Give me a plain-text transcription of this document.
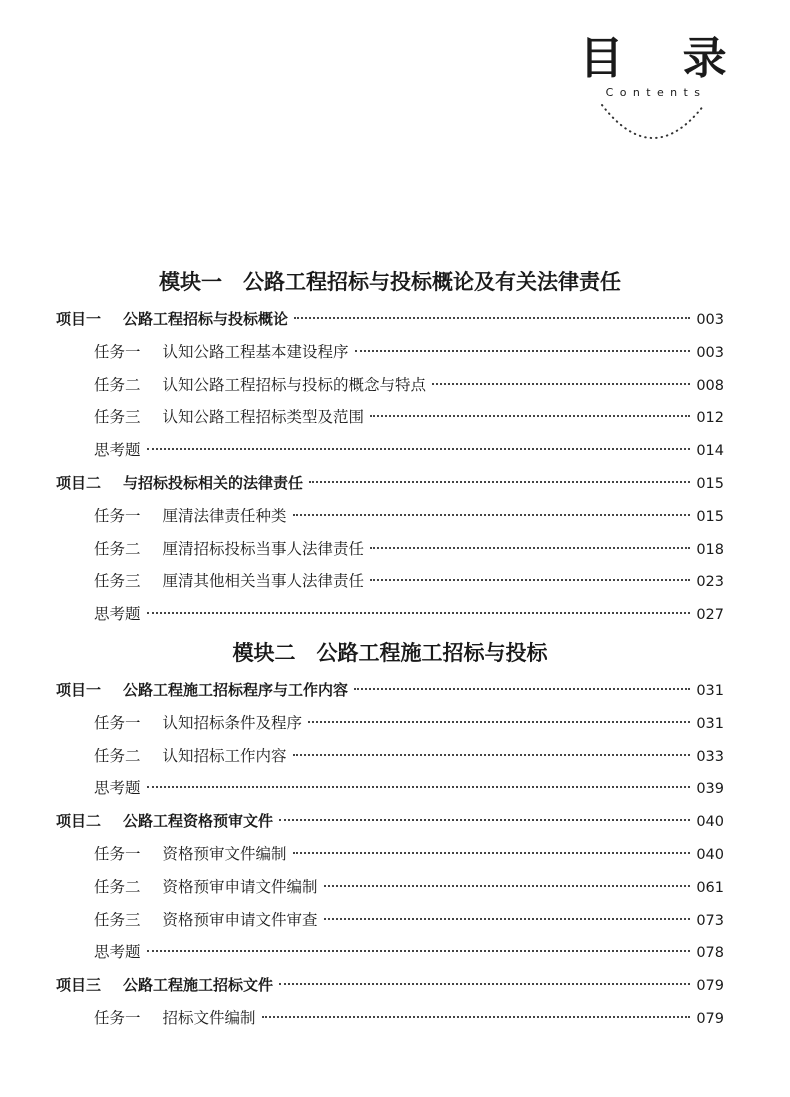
目 录
Contents
模块一　公路工程招标与投标概论及有关法律责任
项目一 公路工程招标与投标概论	003
任务一 认知公路工程基本建设程序	003
任务二 认知公路工程招标与投标的概念与特点	008
任务三 认知公路工程招标类型及范围	012
思考题	014
项目二 与招标投标相关的法律责任	015
任务一 厘清法律责任种类	015
任务二 厘清招标投标当事人法律责任	018
任务三 厘清其他相关当事人法律责任	023
思考题	027
模块二　公路工程施工招标与投标
项目一 公路工程施工招标程序与工作内容	031
任务一 认知招标条件及程序	031
任务二 认知招标工作内容	033
思考题	039
项目二 公路工程资格预审文件	040
任务一 资格预审文件编制	040
任务二 资格预审申请文件编制	061
任务三 资格预审申请文件审查	073
思考题	078
项目三 公路工程施工招标文件	079
任务一 招标文件编制	079
